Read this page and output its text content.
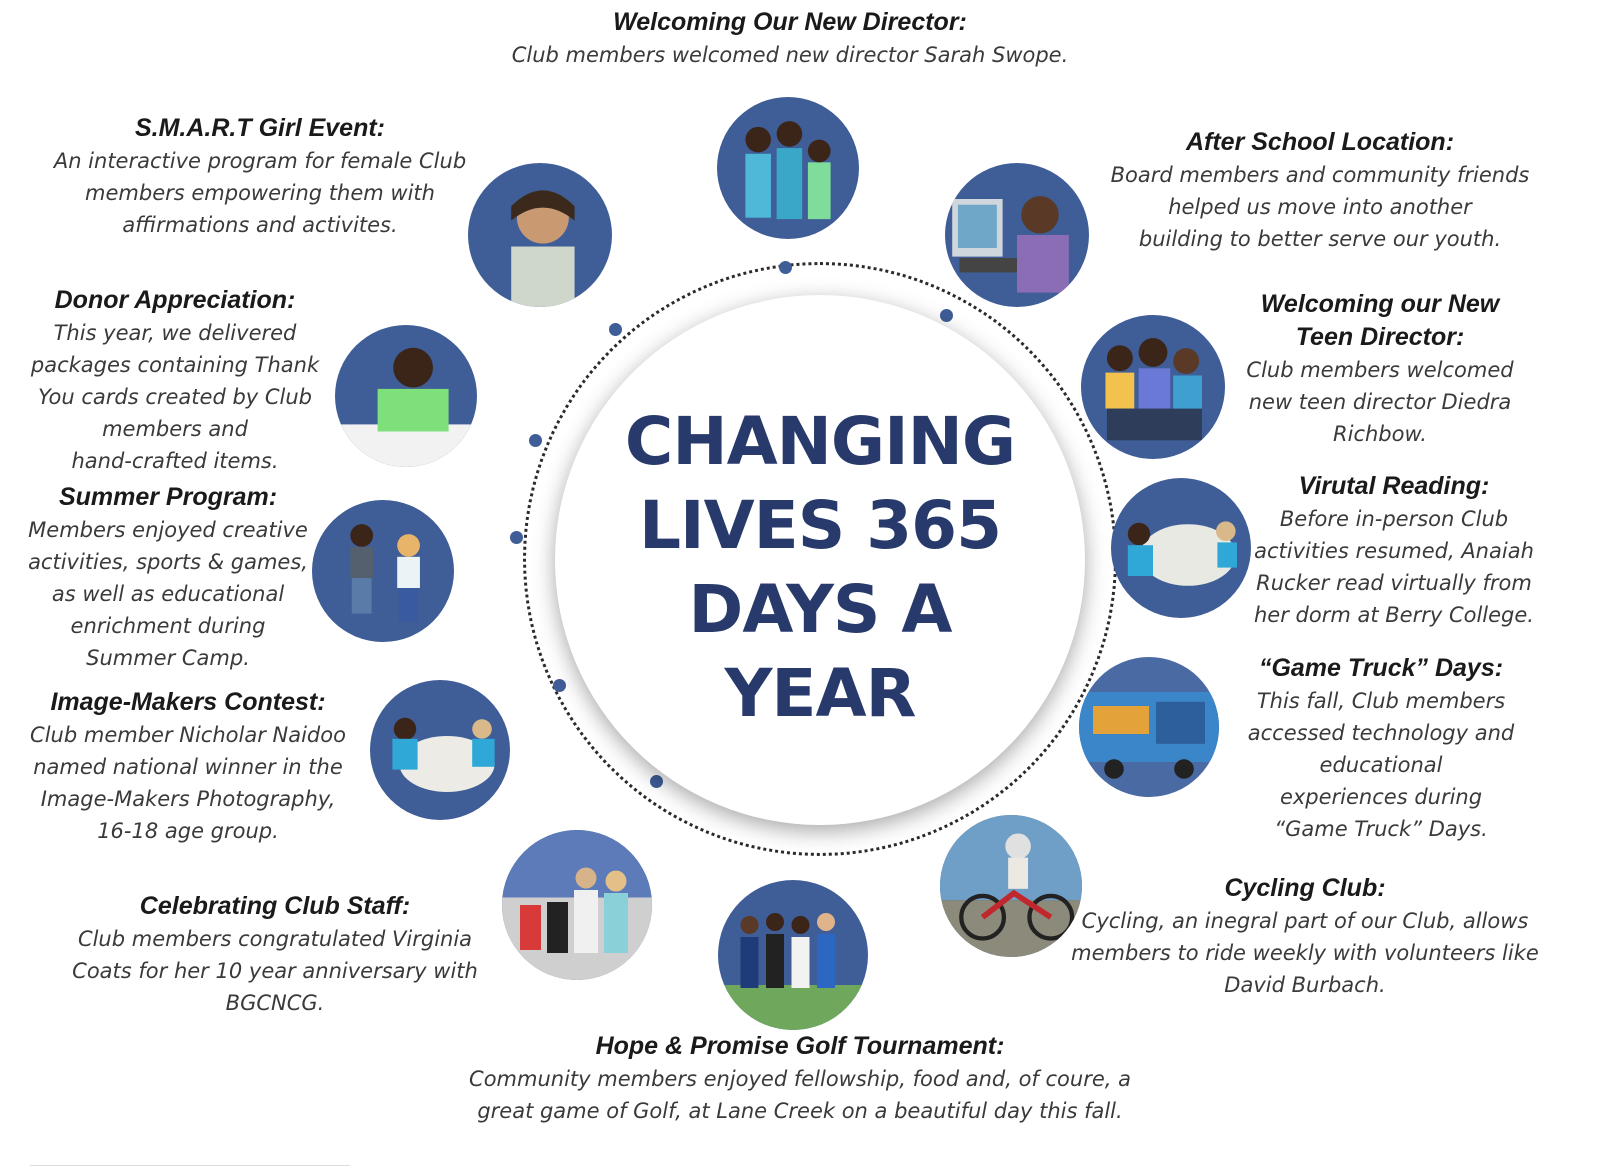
CHANGING
LIVES 365
DAYS A
YEAR
Welcoming Our New Director:

Club members welcomed new director Sarah Swope.

After School Location:

Board members and community friends
helped us move into another
building to better serve our youth.

Welcoming our New
Teen Director:

Club members welcomed
new teen director Diedra
Richbow.

Virutal Reading:

Before in-person Club
activities resumed, Anaiah
Rucker read virtually from
her dorm at Berry College.

“Game Truck” Days:

This fall, Club members
accessed technology and
educational
experiences during
“Game Truck” Days.

Cycling Club:

Cycling, an inegral part of our Club, allows
members to ride weekly with volunteers like
David Burbach.

Hope & Promise Golf Tournament:

Community members enjoyed fellowship, food and, of coure, a
great game of Golf, at Lane Creek on a beautiful day this fall.

Celebrating Club Staff:

Club members congratulated Virginia
Coats for her 10 year anniversary with
BGCNCG.

Image-Makers Contest:

Club member Nicholar Naidoo
named national winner in the
Image-Makers Photography,
16-18 age group.

Summer Program:

Members enjoyed creative
activities, sports & games,
as well as educational
enrichment during
Summer Camp.

Donor Appreciation:

This year, we delivered
packages containing Thank
You cards created by Club
members and
hand-crafted items.

S.M.A.R.T Girl Event:

An interactive program for female Club
members empowering them with
affirmations and activites.
